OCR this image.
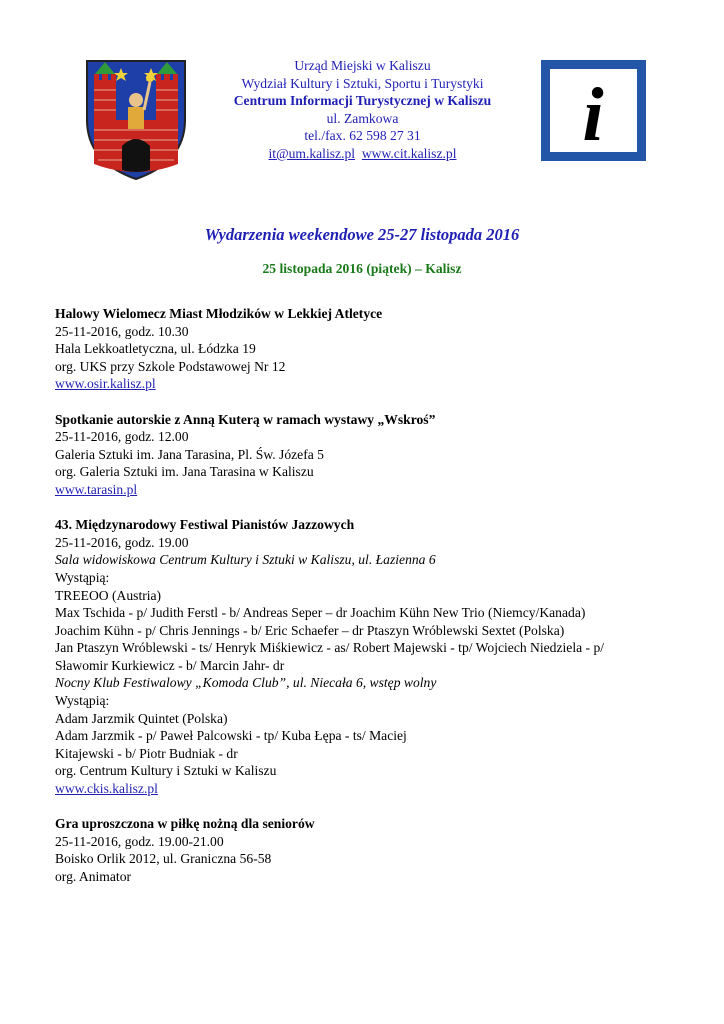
Urząd Miejski w Kaliszu
Wydział Kultury i Sztuki, Sportu i Turystyki
Centrum Informacji Turystycznej w Kaliszu
ul. Zamkowa
tel./fax. 62 598 27 31
it@um.kalisz.pl www.cit.kalisz.pl	i
Wydarzenia weekendowe 25-27 listopada 2016
25 listopada 2016 (piątek) – Kalisz
Halowy Wielomecz Miast Młodzików w Lekkiej Atletyce
25-11-2016, godz. 10.30
Hala Lekkoatletyczna, ul. Łódzka 19
org. UKS przy Szkole Podstawowej Nr 12
www.osir.kalisz.pl
Spotkanie autorskie z Anną Kuterą w ramach wystawy „Wskroś”
25-11-2016, godz. 12.00
Galeria Sztuki im. Jana Tarasina, Pl. Św. Józefa 5
org. Galeria Sztuki im. Jana Tarasina w Kaliszu
www.tarasin.pl
43. Międzynarodowy Festiwal Pianistów Jazzowych
25-11-2016, godz. 19.00
Sala widowiskowa Centrum Kultury i Sztuki w Kaliszu, ul. Łazienna 6
Wystąpią:
TREEOO (Austria)
Max Tschida - p/ Judith Ferstl - b/ Andreas Seper – dr Joachim Kühn New Trio (Niemcy/Kanada)
Joachim Kühn - p/ Chris Jennings - b/ Eric Schaefer – dr Ptaszyn Wróblewski Sextet (Polska)
Jan Ptaszyn Wróblewski - ts/ Henryk Miśkiewicz - as/ Robert Majewski - tp/ Wojciech Niedziela - p/
Sławomir Kurkiewicz - b/ Marcin Jahr- dr
Nocny Klub Festiwalowy „Komoda Club”, ul. Niecała 6, wstęp wolny
Wystąpią:
Adam Jarzmik Quintet (Polska)
Adam Jarzmik - p/ Paweł Palcowski - tp/ Kuba Łępa - ts/ Maciej
Kitajewski - b/ Piotr Budniak - dr
org. Centrum Kultury i Sztuki w Kaliszu
www.ckis.kalisz.pl
Gra uproszczona w piłkę nożną dla seniorów
25-11-2016, godz. 19.00-21.00
Boisko Orlik 2012, ul. Graniczna 56-58
org. Animator
